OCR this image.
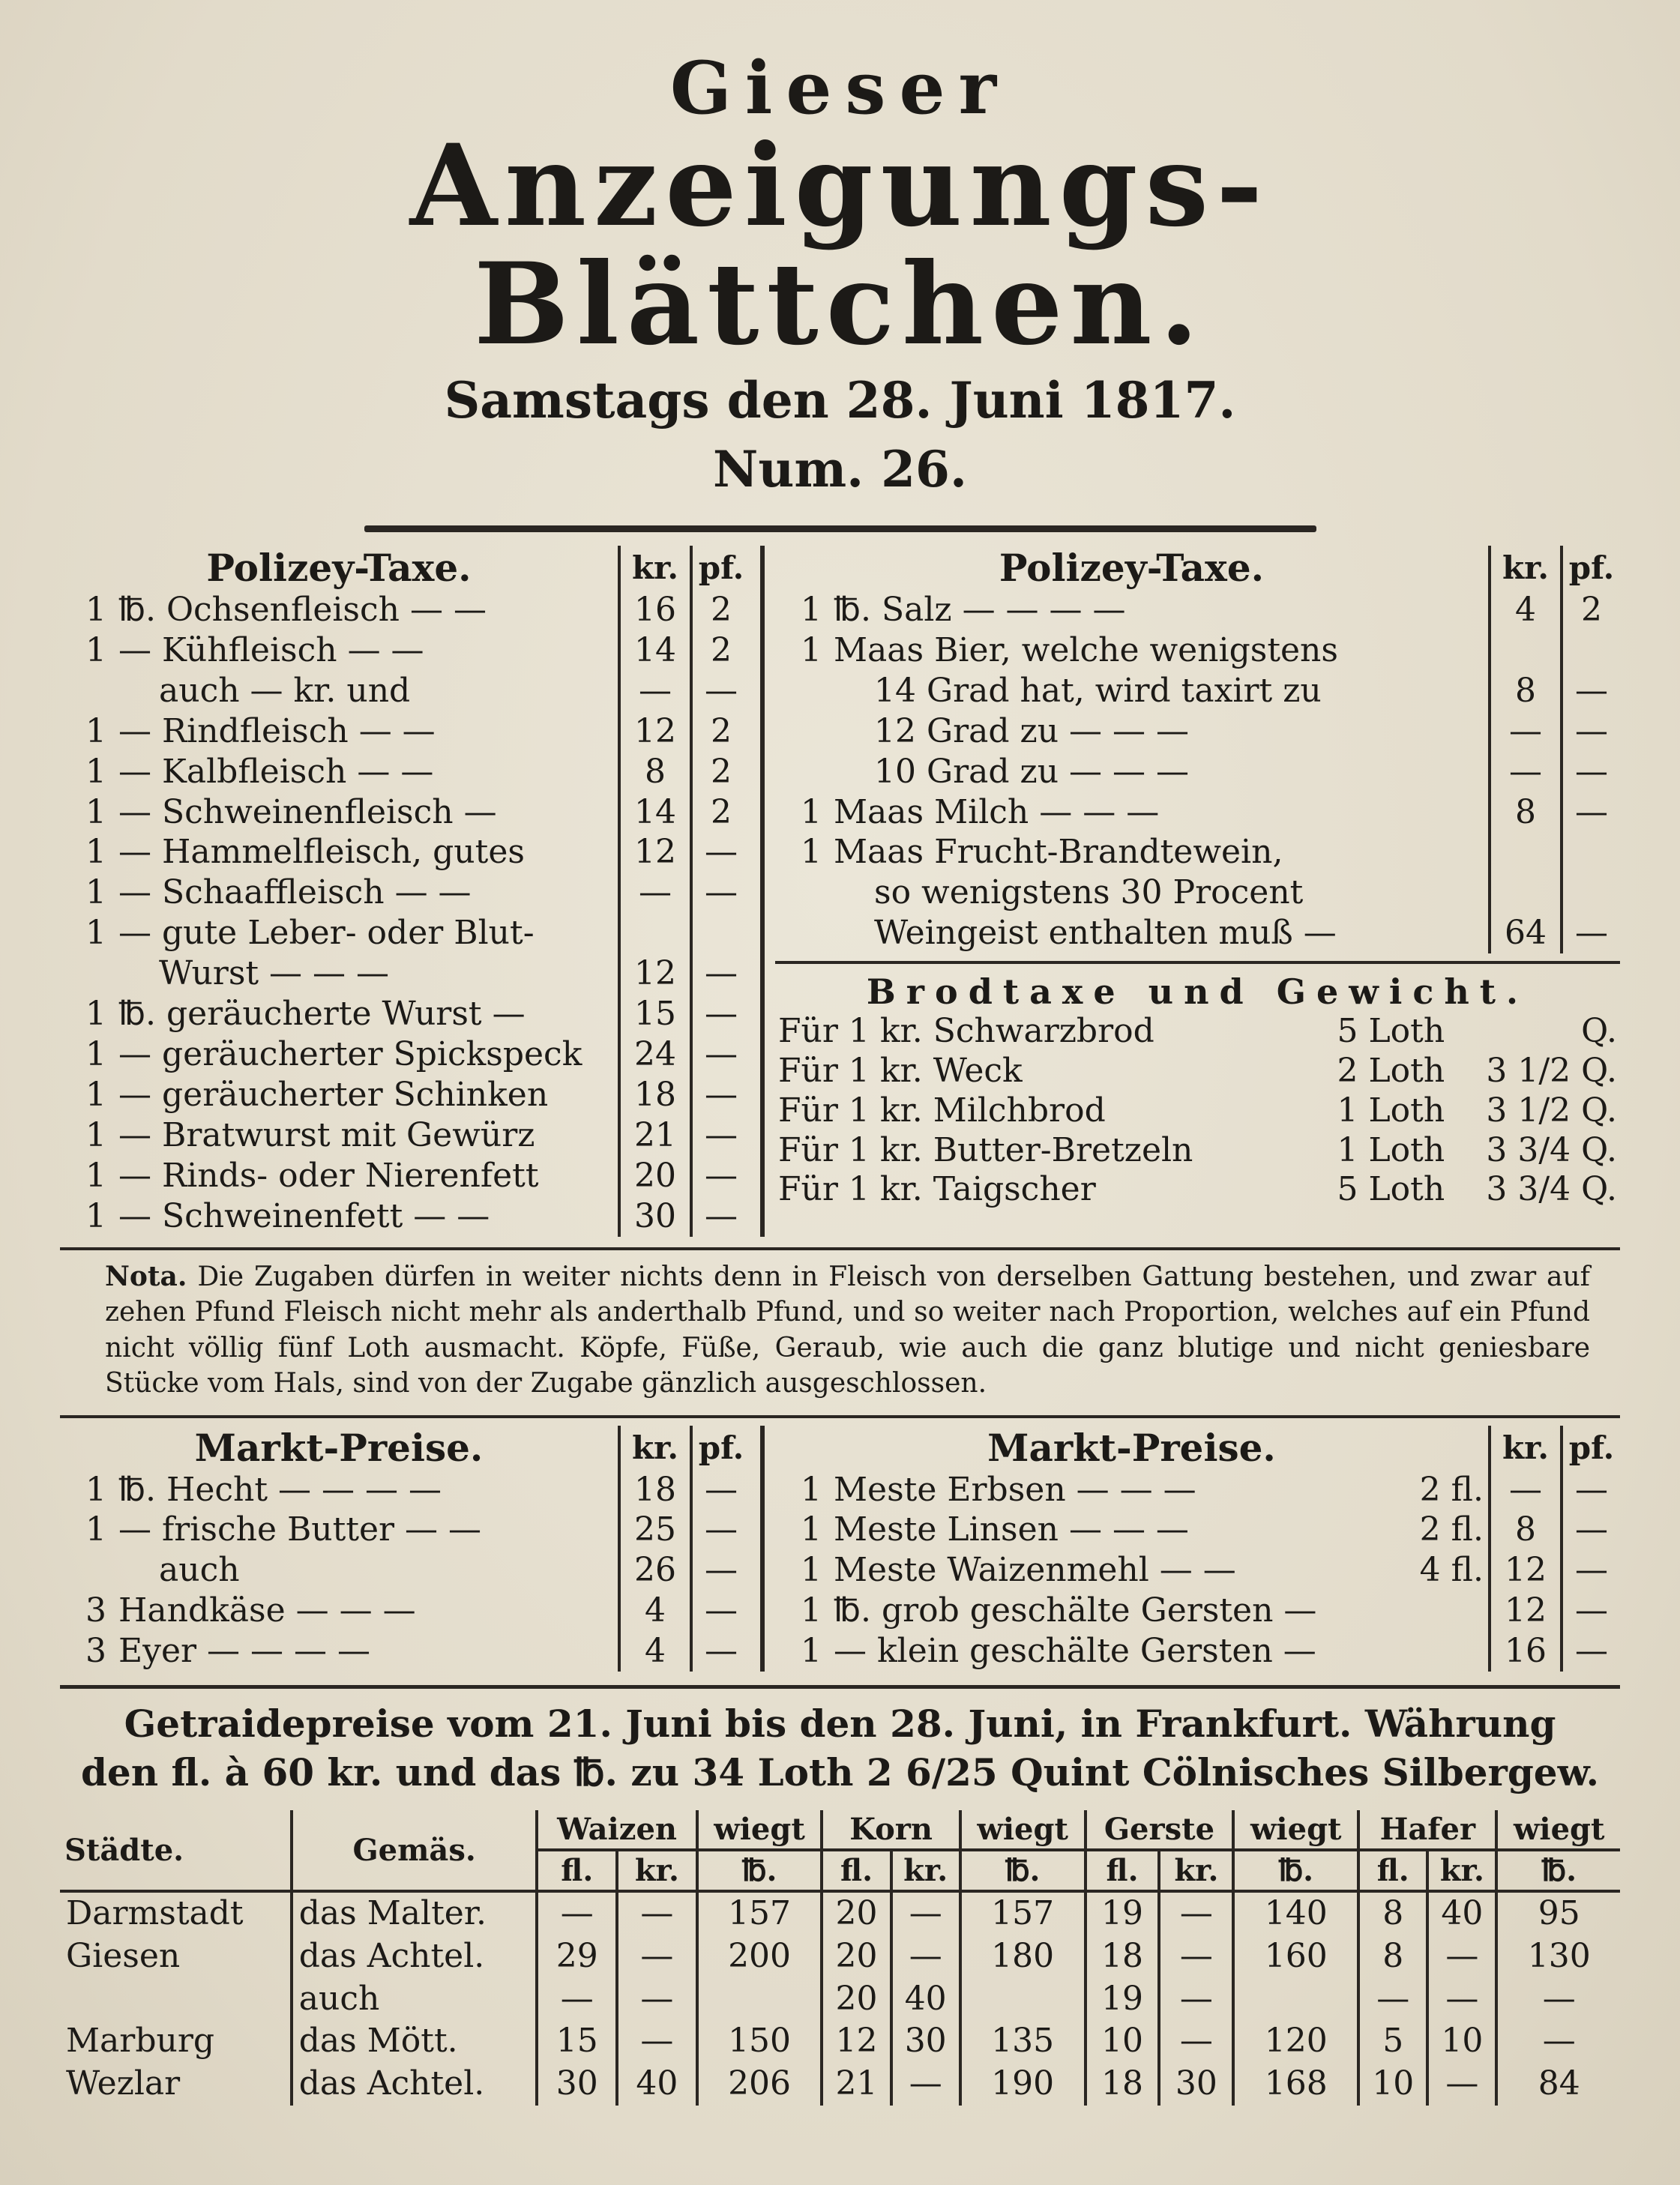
Gieser
Anzeigungs-Blättchen.
Samstags den 28. Juni 1817.
Num. 26.
Polizey-Taxe.		kr.	pf.
1	℔. Ochsenfleisch — —	16	2
1	— Kühfleisch — —	14	2
	auch — kr. und	—	—
1	— Rindfleisch — —	12	2
1	— Kalbfleisch — —	8	2
1	— Schweinenfleisch —	14	2
1	— Hammelfleisch, gutes	12	—
1	— Schaaffleisch — —	—	—
1	— gute Leber- oder Blut-		
	Wurst — — —	12	—
1	℔. geräucherte Wurst —	15	—
1	— geräucherter Spickspeck	24	—
1	— geräucherter Schinken	18	—
1	— Bratwurst mit Gewürz	21	—
1	— Rinds- oder Nierenfett	20	—
1	— Schweinenfett — —	30	—
Polizey-Taxe.		kr.	pf.
1	℔. Salz — — — —	4	2
1	Maas Bier, welche wenigstens		
	14 Grad hat, wird taxirt zu	8	—
	12 Grad zu — — —	—	—
	10 Grad zu — — —	—	—
1	Maas Milch — — —	8	—
1	Maas Frucht-Brandtewein,		
	so wenigstens 30 Procent		
	Weingeist enthalten muß —	64	—
Brodtaxe und Gewicht.
Für 1 kr. Schwarzbrod	5 Loth	Q.
Für 1 kr. Weck	2 Loth	3 1/2 Q.
Für 1 kr. Milchbrod	1 Loth	3 1/2 Q.
Für 1 kr. Butter-Bretzeln	1 Loth	3 3/4 Q.
Für 1 kr. Taigscher	5 Loth	3 3/4 Q.
Nota. Die Zugaben dürfen in weiter nichts denn in Fleisch von derselben Gattung bestehen, und zwar auf zehen Pfund Fleisch nicht mehr als anderthalb Pfund, und so weiter nach Proportion, welches auf ein Pfund nicht völlig fünf Loth ausmacht. Köpfe, Füße, Geraub, wie auch die ganz blutige und nicht geniesbare Stücke vom Hals, sind von der Zugabe gänzlich ausgeschlossen.
Markt-Preise.		kr.	pf.
1	℔. Hecht — — — —	18	—
1	— frische Butter — —	25	—
	auch	26	—
3	Handkäse — — —	4	—
3	Eyer — — — —	4	—
Markt-Preise.			kr.	pf.
1	Meste Erbsen — — —	2 fl.	—	—
1	Meste Linsen — — —	2 fl.	8	—
1	Meste Waizenmehl — —	4 fl.	12	—
1	℔. grob geschälte Gersten —		12	—
1	— klein geschälte Gersten —		16	—
Getraidepreise vom 21. Juni bis den 28. Juni, in Frankfurt. Währung
den fl. à 60 kr. und das ℔. zu 34 Loth 2 6/25 Quint Cölnisches Silbergew.
Städte.	Gemäs.	Waizen		wiegt	Korn		wiegt	Gerste		wiegt	Hafer		wiegt
		fl.	kr.	℔.	fl.	kr.	℔.	fl.	kr.	℔.	fl.	kr.	℔.
Darmstadt	das Malter.	—	—	157	20	—	157	19	—	140	8	40	95
Giesen	das Achtel.	29	—	200	20	—	180	18	—	160	8	—	130
	auch	—	—		20	40		19	—		—	—	—
Marburg	das Mött.	15	—	150	12	30	135	10	—	120	5	10	—
Wezlar	das Achtel.	30	40	206	21	—	190	18	30	168	10	—	84
